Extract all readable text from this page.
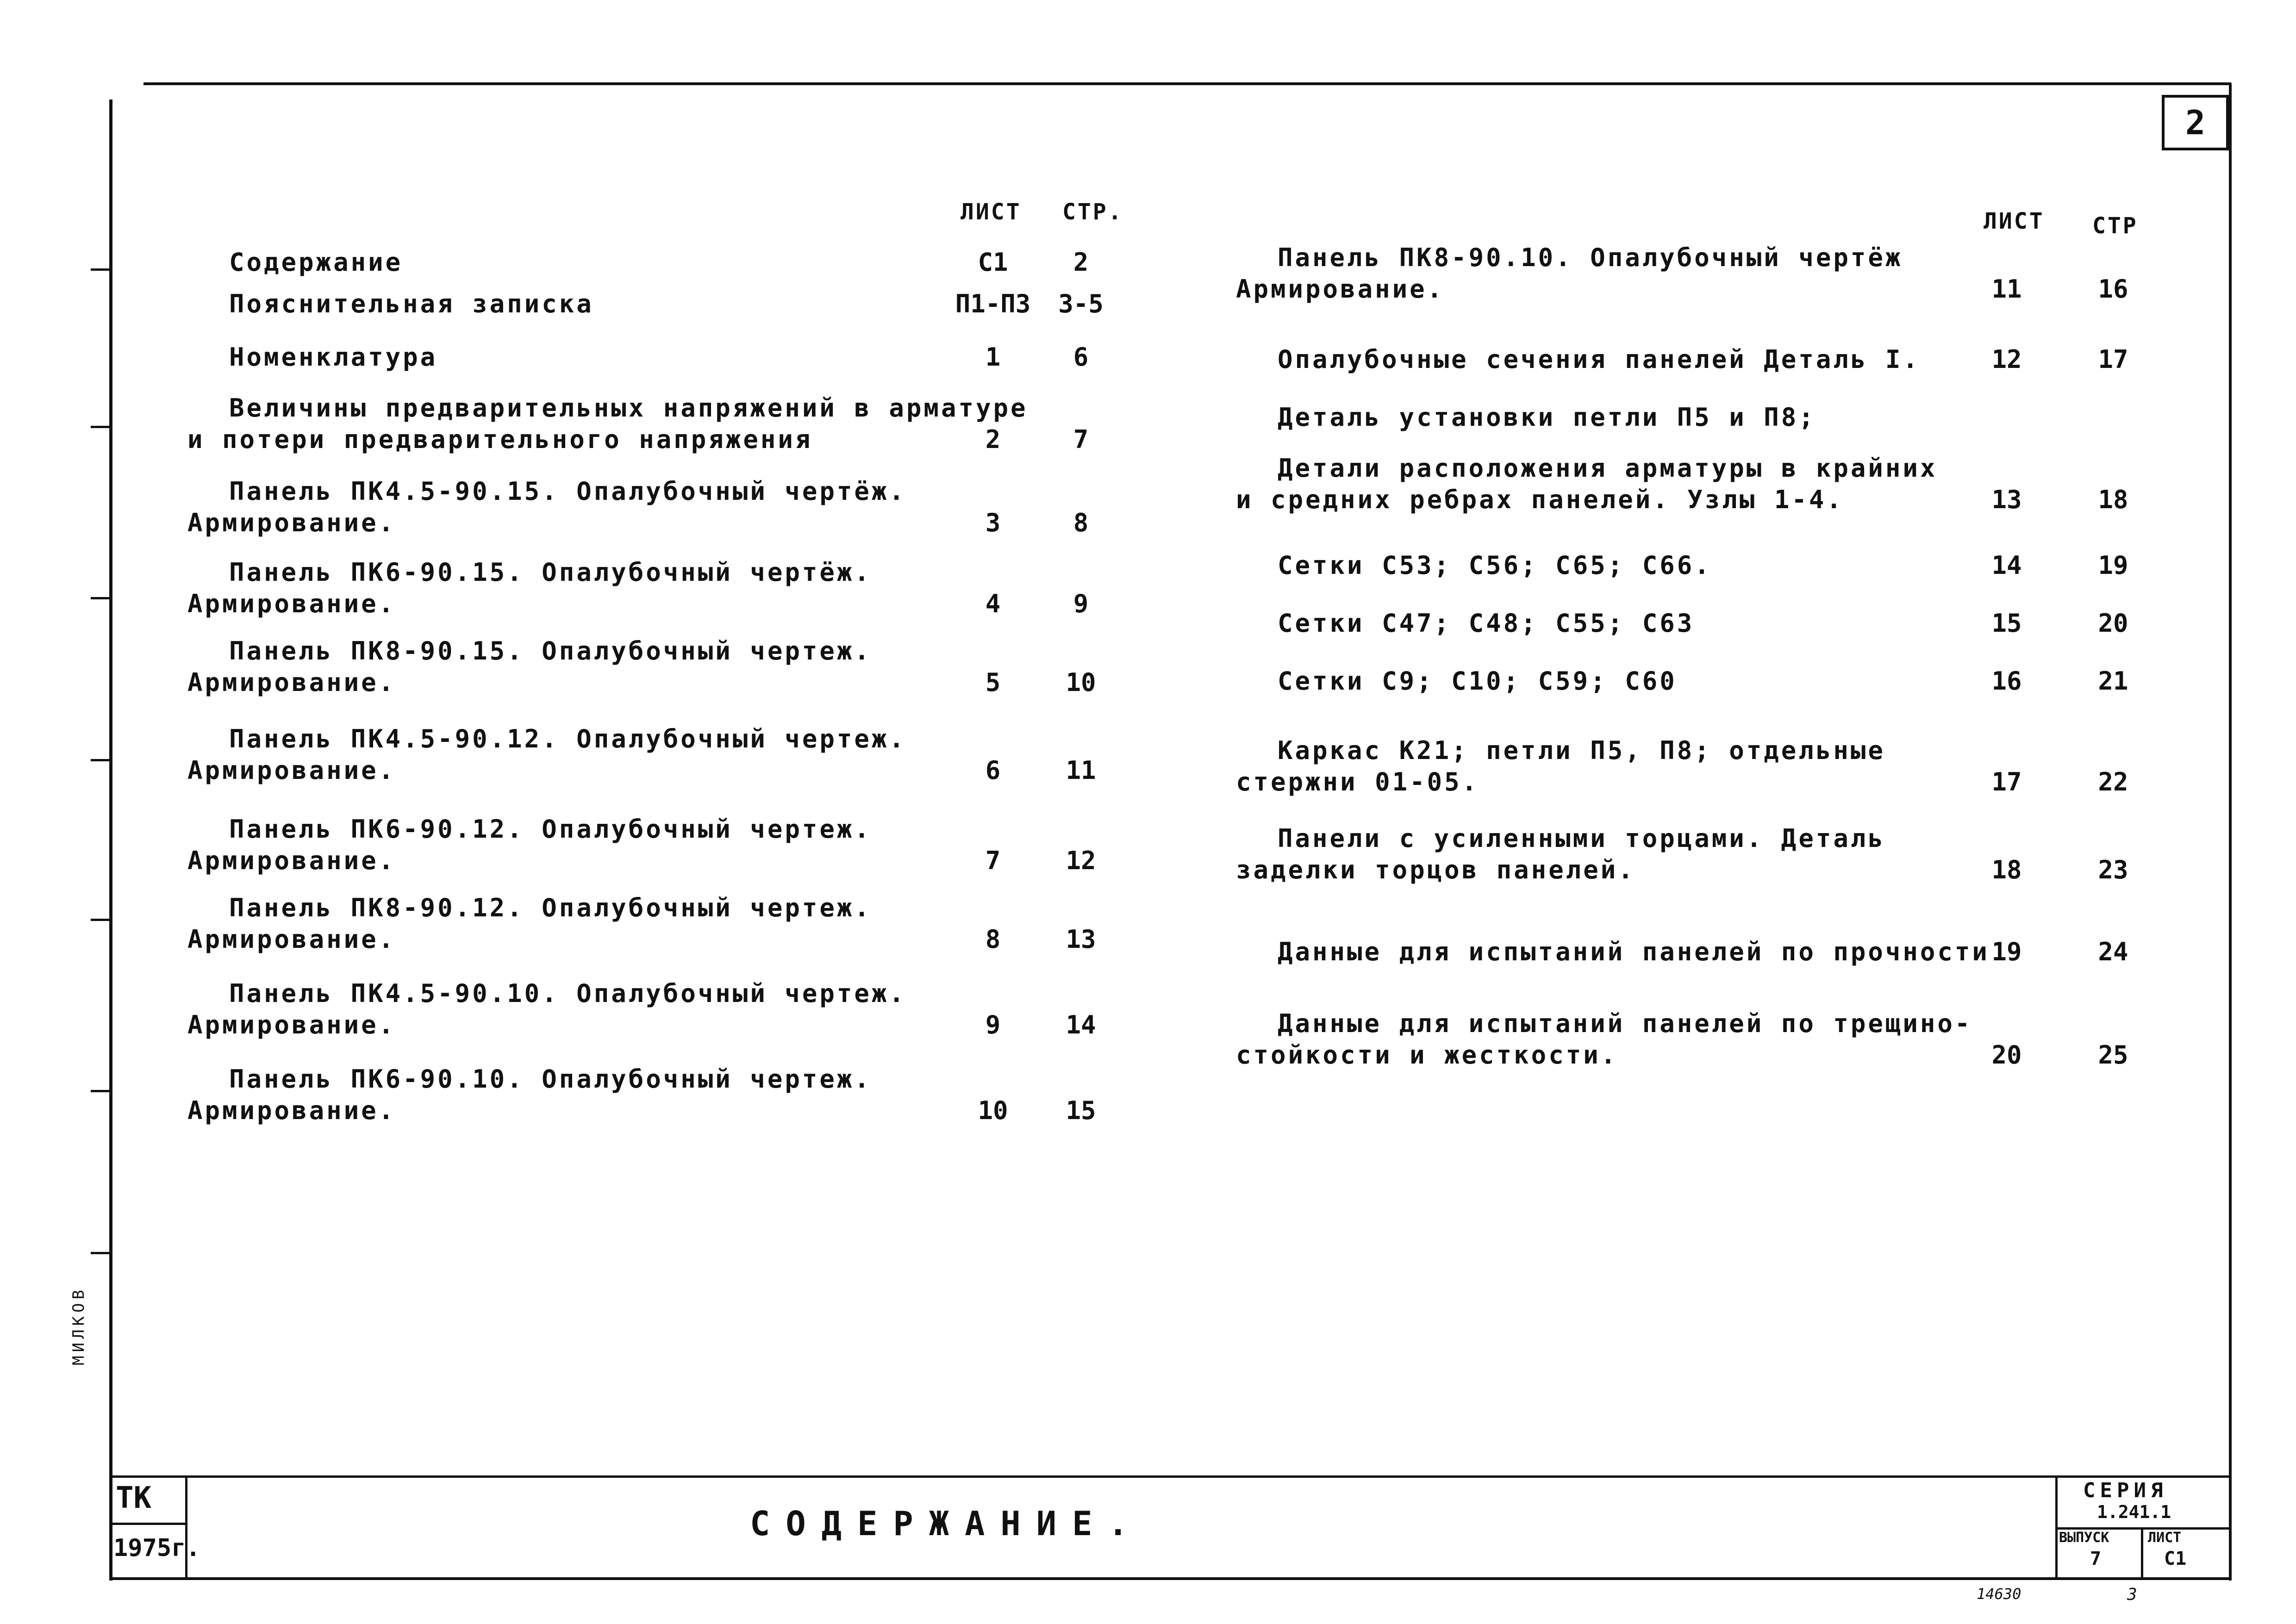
2
МИЛКОВ
ЛИСТ СТР.
Содержание	С1	2
Пояснительная записка	П1-П3	3-5
Номенклатура	1	6
Величины предварительных напряжений в арматуре
и потери предварительного напряжения	2	7
Панель ПК4.5-90.15. Опалубочный чертёж.
Армирование.	3	8
Панель ПК6-90.15. Опалубочный чертёж.
Армирование.	4	9
Панель ПК8-90.15. Опалубочный чертеж.
Армирование.	5	10
Панель ПК4.5-90.12. Опалубочный чертеж.
Армирование.	6	11
Панель ПК6-90.12. Опалубочный чертеж.
Армирование.	7	12
Панель ПК8-90.12. Опалубочный чертеж.
Армирование.	8	13
Панель ПК4.5-90.10. Опалубочный чертеж.
Армирование.	9	14
Панель ПК6-90.10. Опалубочный чертеж.
Армирование.	10	15
ЛИСТ СТР
Панель ПК8-90.10. Опалубочный чертёж
Армирование.	11	16
Опалубочные сечения панелей Деталь I.	12	17
Деталь установки петли П5 и П8;
Детали расположения арматуры в крайних
и средних ребрах панелей. Узлы 1-4.	13	18
Сетки С53; С56; С65; С66.	14	19
Сетки С47; С48; С55; С63	15	20
Сетки С9; С10; С59; С60	16	21
Каркас К21; петли П5, П8; отдельные
стержни 01-05.	17	22
Панели с усиленными торцами. Деталь
заделки торцов панелей.	18	23
Данные для испытаний панелей по прочности 19	24
Данные для испытаний панелей по трещино-
стойкости и жесткости.	20	25
ТК
1975г.
СОДЕРЖАНИЕ.
СЕРИЯ
1.241.1
ВЫПУСК
7
ЛИСТ
С1
14630	3
